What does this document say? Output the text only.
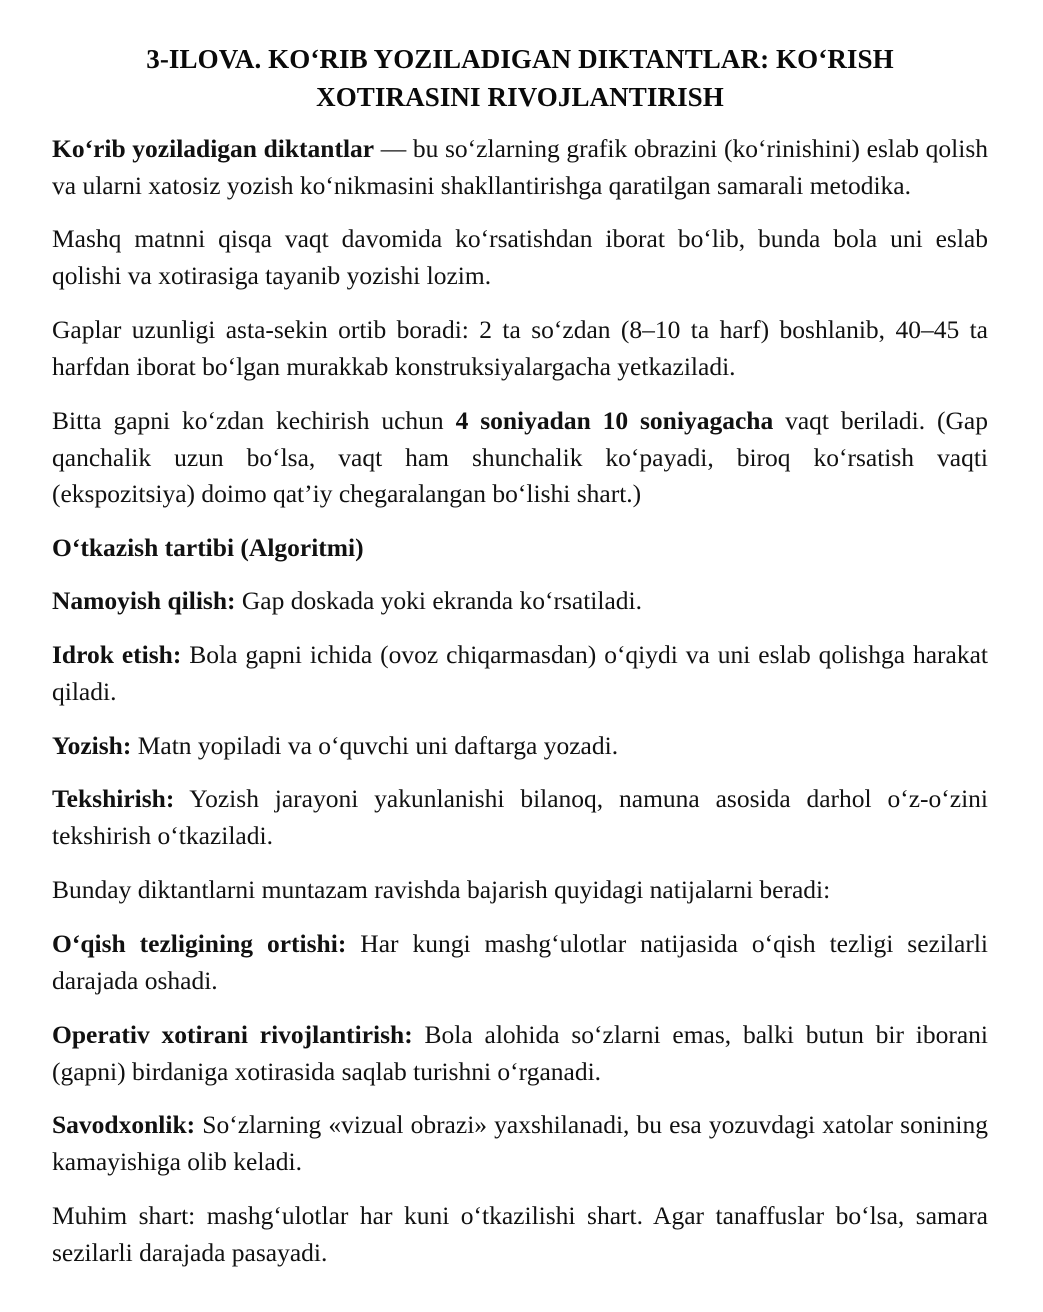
3-ILOVA. KO‘RIB YOZILADIGAN DIKTANTLAR: KO‘RISH XOTIRASINI RIVOJLANTIRISH

Ko‘rib yoziladigan diktantlar — bu so‘zlarning grafik obrazini (ko‘rinishini) eslab qolish va ularni xatosiz yozish ko‘nikmasini shakllantirishga qaratilgan samarali metodika.

Mashq matnni qisqa vaqt davomida ko‘rsatishdan iborat bo‘lib, bunda bola uni eslab qolishi va xotirasiga tayanib yozishi lozim.

Gaplar uzunligi asta-sekin ortib boradi: 2 ta so‘zdan (8–10 ta harf) boshlanib, 40–45 ta harfdan iborat bo‘lgan murakkab konstruksiyalargacha yetkaziladi.

Bitta gapni ko‘zdan kechirish uchun 4 soniyadan 10 soniyagacha vaqt beriladi. (Gap qanchalik uzun bo‘lsa, vaqt ham shunchalik ko‘payadi, biroq ko‘rsatish vaqti (ekspozitsiya) doimo qat’iy chegaralangan bo‘lishi shart.)

O‘tkazish tartibi (Algoritmi)

Namoyish qilish: Gap doskada yoki ekranda ko‘rsatiladi.

Idrok etish: Bola gapni ichida (ovoz chiqarmasdan) o‘qiydi va uni eslab qolishga harakat qiladi.

Yozish: Matn yopiladi va o‘quvchi uni daftarga yozadi.

Tekshirish: Yozish jarayoni yakunlanishi bilanoq, namuna asosida darhol o‘z-o‘zini tekshirish o‘tkaziladi.

Bunday diktantlarni muntazam ravishda bajarish quyidagi natijalarni beradi:

O‘qish tezligining ortishi: Har kungi mashg‘ulotlar natijasida o‘qish tezligi sezilarli darajada oshadi.

Operativ xotirani rivojlantirish: Bola alohida so‘zlarni emas, balki butun bir iborani (gapni) birdaniga xotirasida saqlab turishni o‘rganadi.

Savodxonlik: So‘zlarning «vizual obrazi» yaxshilanadi, bu esa yozuvdagi xatolar sonining kamayishiga olib keladi.

Muhim shart: mashg‘ulotlar har kuni o‘tkazilishi shart. Agar tanaffuslar bo‘lsa, samara sezilarli darajada pasayadi.
